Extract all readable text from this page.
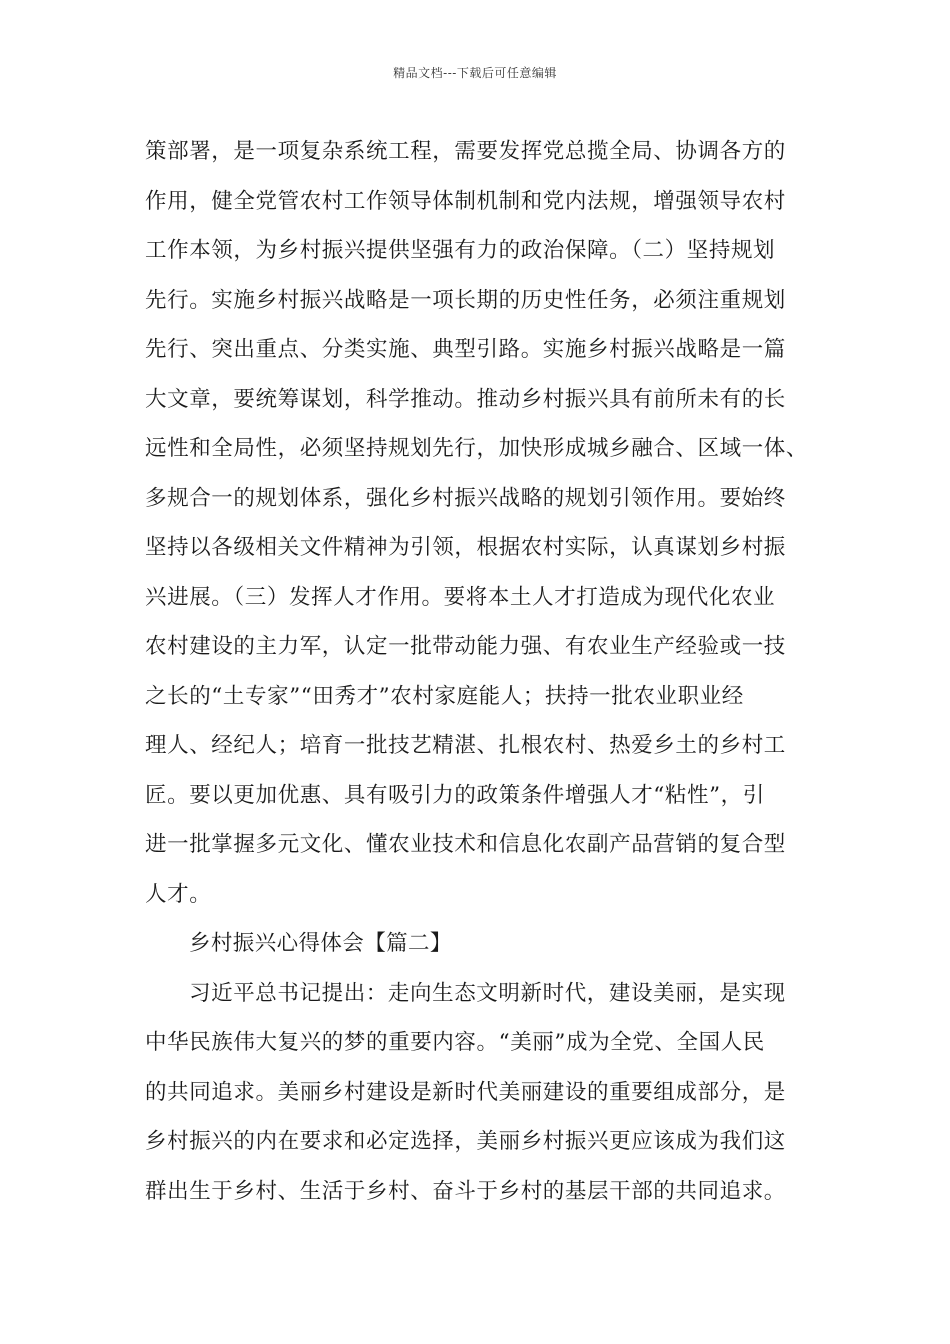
精品文档---下载后可任意编辑
策部署，是一项复杂系统工程，需要发挥党总揽全局、协调各方的
作用，健全党管农村工作领导体制机制和党内法规，增强领导农村
工作本领，为乡村振兴提供坚强有力的政治保障。（二）坚持规划
先行。实施乡村振兴战略是一项长期的历史性任务，必须注重规划
先行、突出重点、分类实施、典型引路。实施乡村振兴战略是一篇
大文章，要统筹谋划，科学推动。推动乡村振兴具有前所未有的长
远性和全局性，必须坚持规划先行，加快形成城乡融合、区域一体、
多规合一的规划体系，强化乡村振兴战略的规划引领作用。要始终
坚持以各级相关文件精神为引领，根据农村实际，认真谋划乡村振
兴进展。（三）发挥人才作用。要将本土人才打造成为现代化农业
农村建设的主力军，认定一批带动能力强、有农业生产经验或一技
之长的“土专家”“田秀才”农村家庭能人；扶持一批农业职业经
理人、经纪人；培育一批技艺精湛、扎根农村、热爱乡土的乡村工
匠。要以更加优惠、具有吸引力的政策条件增强人才“粘性”，引
进一批掌握多元文化、懂农业技术和信息化农副产品营销的复合型
人才。
乡村振兴心得体会【篇二】
习近平总书记提出：走向生态文明新时代，建设美丽，是实现
中华民族伟大复兴的梦的重要内容。“美丽”成为全党、全国人民
的共同追求。美丽乡村建设是新时代美丽建设的重要组成部分，是
乡村振兴的内在要求和必定选择，美丽乡村振兴更应该成为我们这
群出生于乡村、生活于乡村、奋斗于乡村的基层干部的共同追求。
